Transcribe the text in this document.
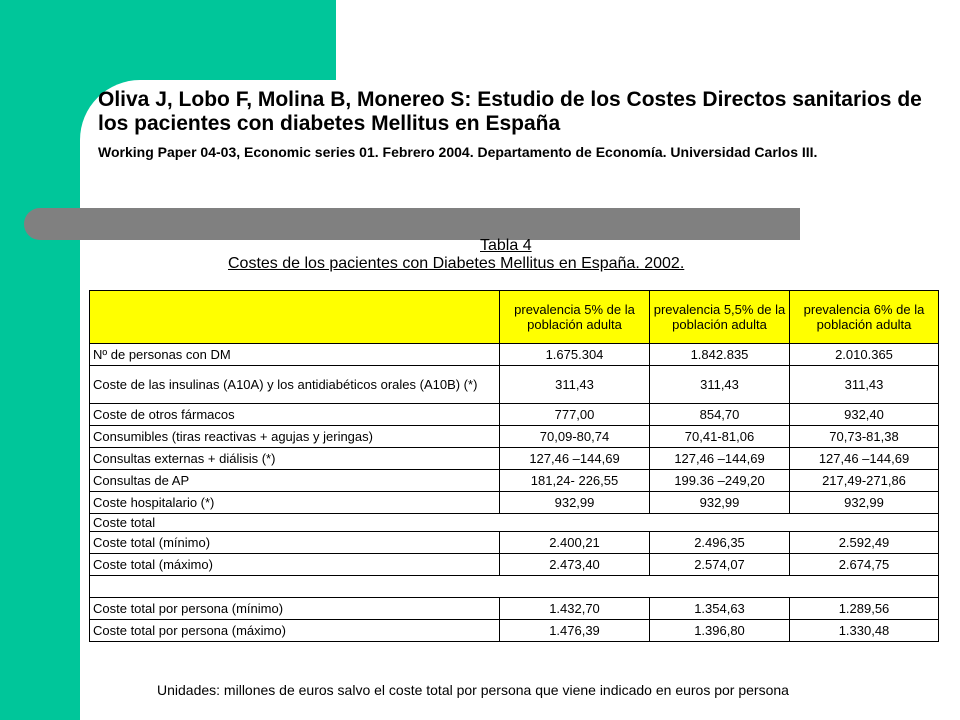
Oliva J, Lobo F, Molina B, Monereo S: Estudio de los Costes Directos sanitarios de los pacientes con diabetes Mellitus en España
Working Paper 04-03, Economic series 01. Febrero 2004. Departamento de Economía. Universidad Carlos III.
Tabla 4
Costes de los pacientes con Diabetes Mellitus en España. 2002.
	prevalencia 5% de la población adulta	prevalencia 5,5% de la población adulta	prevalencia 6% de la población adulta
Nº de personas con DM	1.675.304	1.842.835	2.010.365
Coste de las insulinas (A10A) y los antidiabéticos orales (A10B) (*)	311,43	311,43	311,43
Coste de otros fármacos	777,00	854,70	932,40
Consumibles (tiras reactivas + agujas y jeringas)	70,09-80,74	70,41-81,06	70,73-81,38
Consultas externas + diálisis (*)	127,46 –144,69	127,46 –144,69	127,46 –144,69
Consultas de AP	181,24- 226,55	199.36 –249,20	217,49-271,86
Coste hospitalario (*)	932,99	932,99	932,99
Coste total			
Coste total (mínimo)	2.400,21	2.496,35	2.592,49
Coste total (máximo)	2.473,40	2.574,07	2.674,75

Coste total por persona (mínimo)	1.432,70	1.354,63	1.289,56
Coste total por persona (máximo)	1.476,39	1.396,80	1.330,48
Unidades: millones de euros salvo el coste total por persona que viene indicado en euros por persona
